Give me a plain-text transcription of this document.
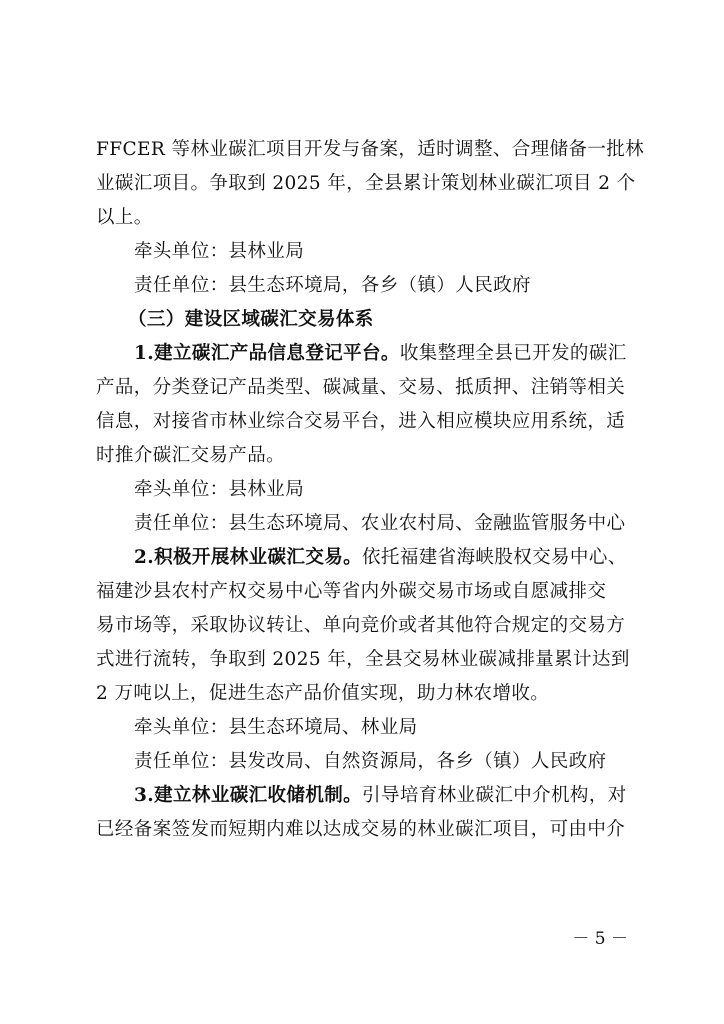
FFCER 等林业碳汇项目开发与备案，适时调整、合理储备一批林
业碳汇项目。争取到 2025 年，全县累计策划林业碳汇项目 2 个
以上。
牵头单位：县林业局
责任单位：县生态环境局，各乡（镇）人民政府
（三）建设区域碳汇交易体系
1.建立碳汇产品信息登记平台。收集整理全县已开发的碳汇
产品，分类登记产品类型、碳减量、交易、抵质押、注销等相关
信息，对接省市林业综合交易平台，进入相应模块应用系统，适
时推介碳汇交易产品。
牵头单位：县林业局
责任单位：县生态环境局、农业农村局、金融监管服务中心
2.积极开展林业碳汇交易。依托福建省海峡股权交易中心、
福建沙县农村产权交易中心等省内外碳交易市场或自愿减排交
易市场等，采取协议转让、单向竞价或者其他符合规定的交易方
式进行流转，争取到 2025 年，全县交易林业碳减排量累计达到
2 万吨以上，促进生态产品价值实现，助力林农增收。
牵头单位：县生态环境局、林业局
责任单位：县发改局、自然资源局，各乡（镇）人民政府
3.建立林业碳汇收储机制。引导培育林业碳汇中介机构，对
已经备案签发而短期内难以达成交易的林业碳汇项目，可由中介
－ 5 －
